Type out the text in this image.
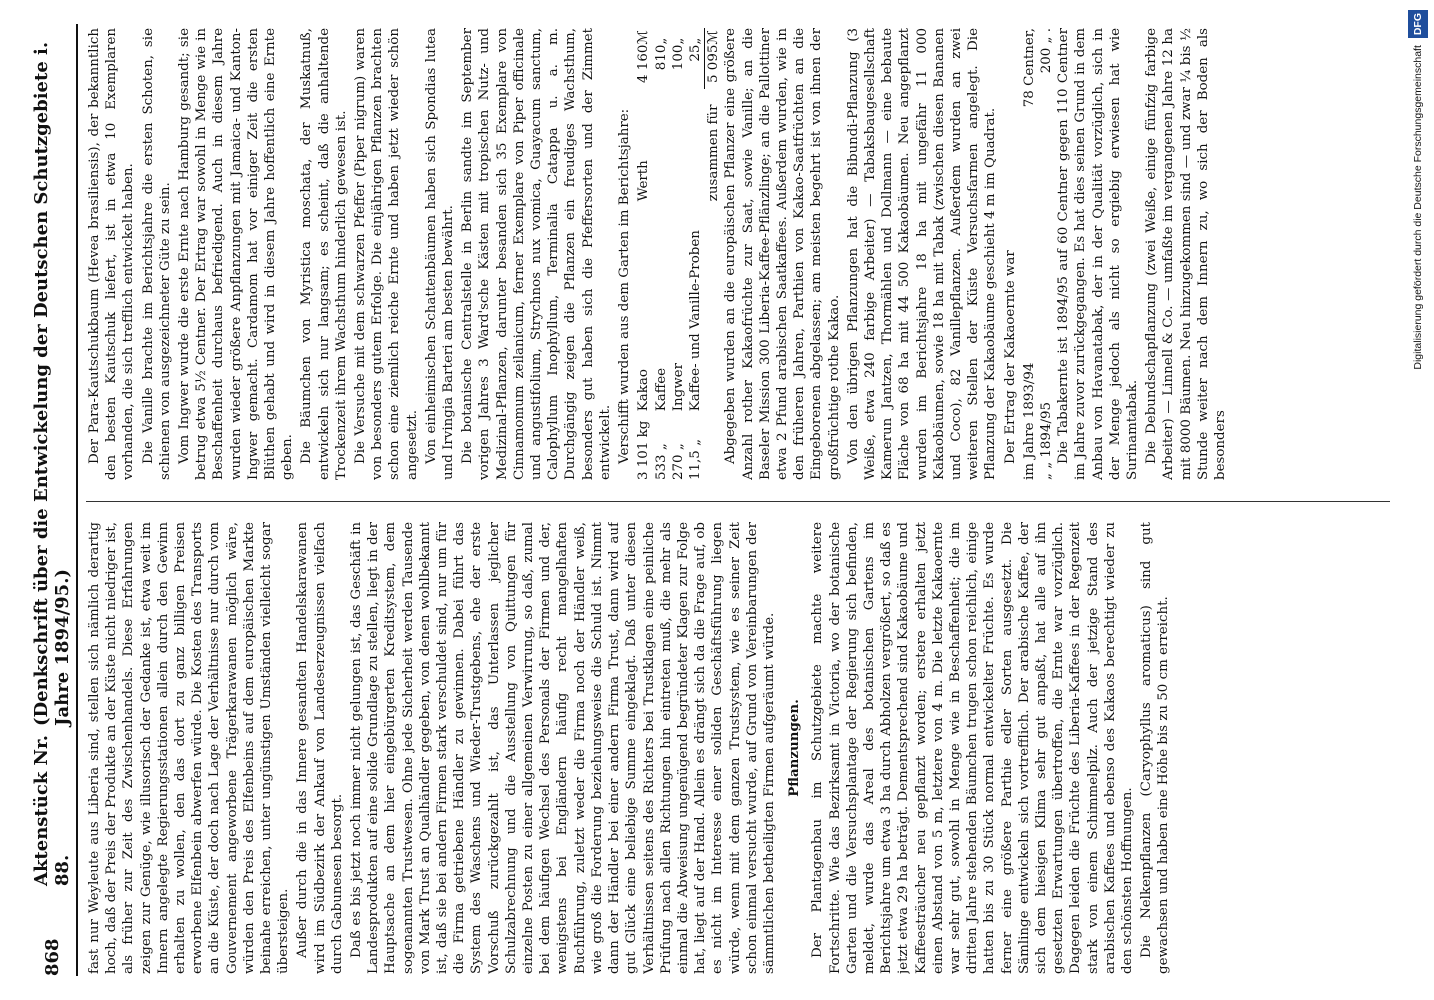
868
Aktenstück Nr. 88.
(Denkschrift über die Entwickelung der Deutschen Schutzgebiete i. Jahre 1894/95.) fast nur Weyleute aus Liberia sind, stellen sich nämlich derartig hoch, daß der Preis der Produkte an der Küste nicht niedriger ist, als früher zur Zeit des Zwischenhandels. Diese Erfahrungen zeigen zur Genüge, wie illusorisch der Gedanke ist, etwa weit im Innern angelegte Regierungsstationen allein durch den Gewinn erhalten zu wollen, den das dort zu ganz billigen Preisen erworbene Elfenbein abwerfen würde. Die Kosten des Transports an die Küste, der doch nach Lage der Verhältnisse nur durch vom Gouvernement angeworbene Trägerkarawanen möglich wäre, würden den Preis des Elfenbeins auf dem europäischen Markte beinahe erreichen, unter ungünstigen Umständen vielleicht sogar übersteigen. Außer durch die in das Innere gesandten Handelskarawanen wird im Südbezirk der Ankauf von Landeserzeugnissen vielfach durch Gabunesen besorgt. Daß es bis jetzt noch immer nicht gelungen ist, das Geschäft in Landesprodukten auf eine solide Grundlage zu stellen, liegt in der Hauptsache an dem hier eingebürgerten Kreditsystem, dem sogenannten Trustwesen. Ohne jede Sicherheit werden Tausende von Mark Trust an Qualhändler gegeben, von denen wohlbekannt ist, daß sie bei andern Firmen stark verschuldet sind, nur um für die Firma getriebene Händler zu gewinnen. Dabei führt das System des Waschens und Wieder-Trustgebens, ehe der erste Vorschuß zurückgezahlt ist, das Unterlassen jeglicher Schulzabrechnung und die Ausstellung von Quittungen für einzelne Posten zu einer allgemeinen Verwirrung, so daß, zumal bei dem häufigen Wechsel des Personals der Firmen und der, wenigstens bei Engländern häufig recht mangelhaften Buchführung, zuletzt weder die Firma noch der Händler weiß, wie groß die Forderung beziehungsweise die Schuld ist. Nimmt dann der Händler bei einer andern Firma Trust, dann wird auf gut Glück eine beliebige Summe eingeklagt. Daß unter diesen Verhältnissen seitens des Richters bei Trustklagen eine peinliche Prüfung nach allen Richtungen hin eintreten muß, die mehr als einmal die Abweisung ungenügend begründeter Klagen zur Folge hat, liegt auf der Hand. Allein es drängt sich da die Frage auf, ob es nicht im Interesse einer soliden Geschäftsführung liegen würde, wenn mit dem ganzen Trustsystem, wie es seiner Zeit schon einmal versucht wurde, auf Grund von Vereinbarungen der sämmtlichen betheiligten Firmen aufgeräumt würde. Pflanzungen. Der Plantagenbau im Schutzgebiete machte weitere Fortschritte. Wie das Bezirksamt in Victoria, wo der botanische Garten und die Versuchsplantage der Regierung sich befinden, meldet, wurde das Areal des botanischen Gartens im Berichtsjahre um etwa 3 ha durch Abholzen vergrößert, so daß es jetzt etwa 29 ha beträgt. Dementsprechend sind Kakaobäume und Kaffeesträucher neu gepflanzt worden; erstere erhalten jetzt einen Abstand von 5 m, letztere von 4 m. Die letzte Kakaoernte war sehr gut, sowohl in Menge wie in Beschaffenheit; die im dritten Jahre stehenden Bäumchen trugen schon reichlich, einige hatten bis zu 30 Stück normal entwickelter Früchte. Es wurde ferner eine größere Parthie edler Sorten ausgesetzt. Die Sämlinge entwickeln sich vortrefflich. Der arabische Kaffee, der sich dem hiesigen Klima sehr gut anpaßt, hat alle auf ihn gesetzten Erwartungen übertroffen, die Ernte war vorzüglich. Dagegen leiden die Früchte des Liberia-Kaffees in der Regenzeit stark von einem Schimmelpilz. Auch der jetzige Stand des arabischen Kaffees und ebenso des Kakaos berechtigt wieder zu den schönsten Hoffnungen. Die Nelkenpflanzen (Caryophyllus aromaticus) sind gut gewachsen und haben eine Höhe bis zu 50 cm erreicht.

Der Para-Kautschukbaum (Hevea brasiliensis), der bekanntlich den besten Kautschuk liefert, ist in etwa 10 Exemplaren vorhanden, die sich trefflich entwickelt haben. Die Vanille brachte im Berichtsjahre die ersten Schoten, sie schienen von ausgezeichneter Güte zu sein. Vom Ingwer wurde die erste Ernte nach Hamburg gesandt; sie betrug etwa 5½ Centner. Der Ertrag war sowohl in Menge wie in Beschaffenheit durchaus befriedigend. Auch in diesem Jahre wurden wieder größere Anpflanzungen mit Jamaica- und Kanton-Ingwer gemacht. Cardamom hat vor einiger Zeit die ersten Blüthen gehabt und wird in diesem Jahre hoffentlich eine Ernte geben. Die Bäumchen von Myristica moschata, der Muskatnuß, entwickeln sich nur langsam; es scheint, daß die anhaltende Trockenzeit ihrem Wachsthum hinderlich gewesen ist. Die Versuche mit dem schwarzen Pfeffer (Piper nigrum) waren von besonders gutem Erfolge. Die einjährigen Pflanzen brachten schon eine ziemlich reiche Ernte und haben jetzt wieder schön angesetzt. Von einheimischen Schattenbäumen haben sich Spondias lutea und Irvingia Barteri am besten bewährt. Die botanische Centralstelle in Berlin sandte im September vorigen Jahres 3 Ward'sche Kästen mit tropischen Nutz- und Medizinal-Pflanzen, darunter besanden sich 35 Exemplare von Cinnamomum zeilanicum, ferner Exemplare von Piper officinale und angustifolium, Strychnos nux vomica, Guayacum sanctum, Calophyllum Inophyllum, Terminalia Catappa u. a. m. Durchgängig zeigen die Pflanzen ein freudiges Wachsthum, besonders gut haben sich die Pfeffersorten und der Zimmet entwickelt. Verschifft wurden aus dem Garten im Berichtsjahre: 3 101 kg	Kakao	Werth	4 160	ℳ
533 „	Kaffee		810	„
270 „	Ingwer		100	„
11,5 „	Kaffee- und Vanille-Proben		25	„
		zusammen für	5 095	ℳ Abgegeben wurden an die europäischen Pflanzer eine größere Anzahl rother Kakaofrüchte zur Saat, sowie Vanille; an die Baseler Mission 300 Liberia-Kaffee-Pflänzlinge; an die Pallottiner etwa 2 Pfund arabischen Saatkaffees. Außerdem wurden, wie in den früheren Jahren, Parthien von Kakao-Saatfrüchten an die Eingeborenen abgelassen; am meisten begehrt ist von ihnen der großfrüchtige rothe Kakao. Von den übrigen Pflanzungen hat die Bibundi-Pflanzung (3 Weiße, etwa 240 farbige Arbeiter) — Tabaksbaugesellschaft Kamerun Jantzen, Thormählen und Dollmann — eine bebaute Fläche von 68 ha mit 44 500 Kakaobäumen. Neu angepflanzt wurden im Berichtsjahre 18 ha mit ungefähr 11 000 Kakaobäumen, sowie 18 ha mit Tabak (zwischen diesen Bananen und Coco), 82 Vanillepflanzen. Außerdem wurden an zwei weiteren Stellen der Küste Versuchsfarmen angelegt. Die Pflanzung der Kakaobäume geschieht 4 m im Quadrat. Der Ertrag der Kakaoernte war im Jahre 1893/94	78 Centner,
„ „ 1894/95	200 „ . Die Tabakernte ist 1894/95 auf 60 Centner gegen 110 Centner im Jahre zuvor zurückgegangen. Es hat dies seinen Grund in dem Anbau von Havanatabak, der in der Qualität vorzüglich, sich in der Menge jedoch als nicht so ergiebig erwiesen hat wie Surinamtabak. Die Debundschapflanzung (zwei Weiße, einige fünfzig farbige Arbeiter) — Linnell & Co. — umfaßte im vergangenen Jahre 12 ha mit 8000 Bäumen. Neu hinzugekommen sind — und zwar ¼ bis ½ Stunde weiter nach dem Innern zu, wo sich der Boden als besonders

Digitalisierung gefördert durch die Deutsche Forschungsgemeinschaft DFG
